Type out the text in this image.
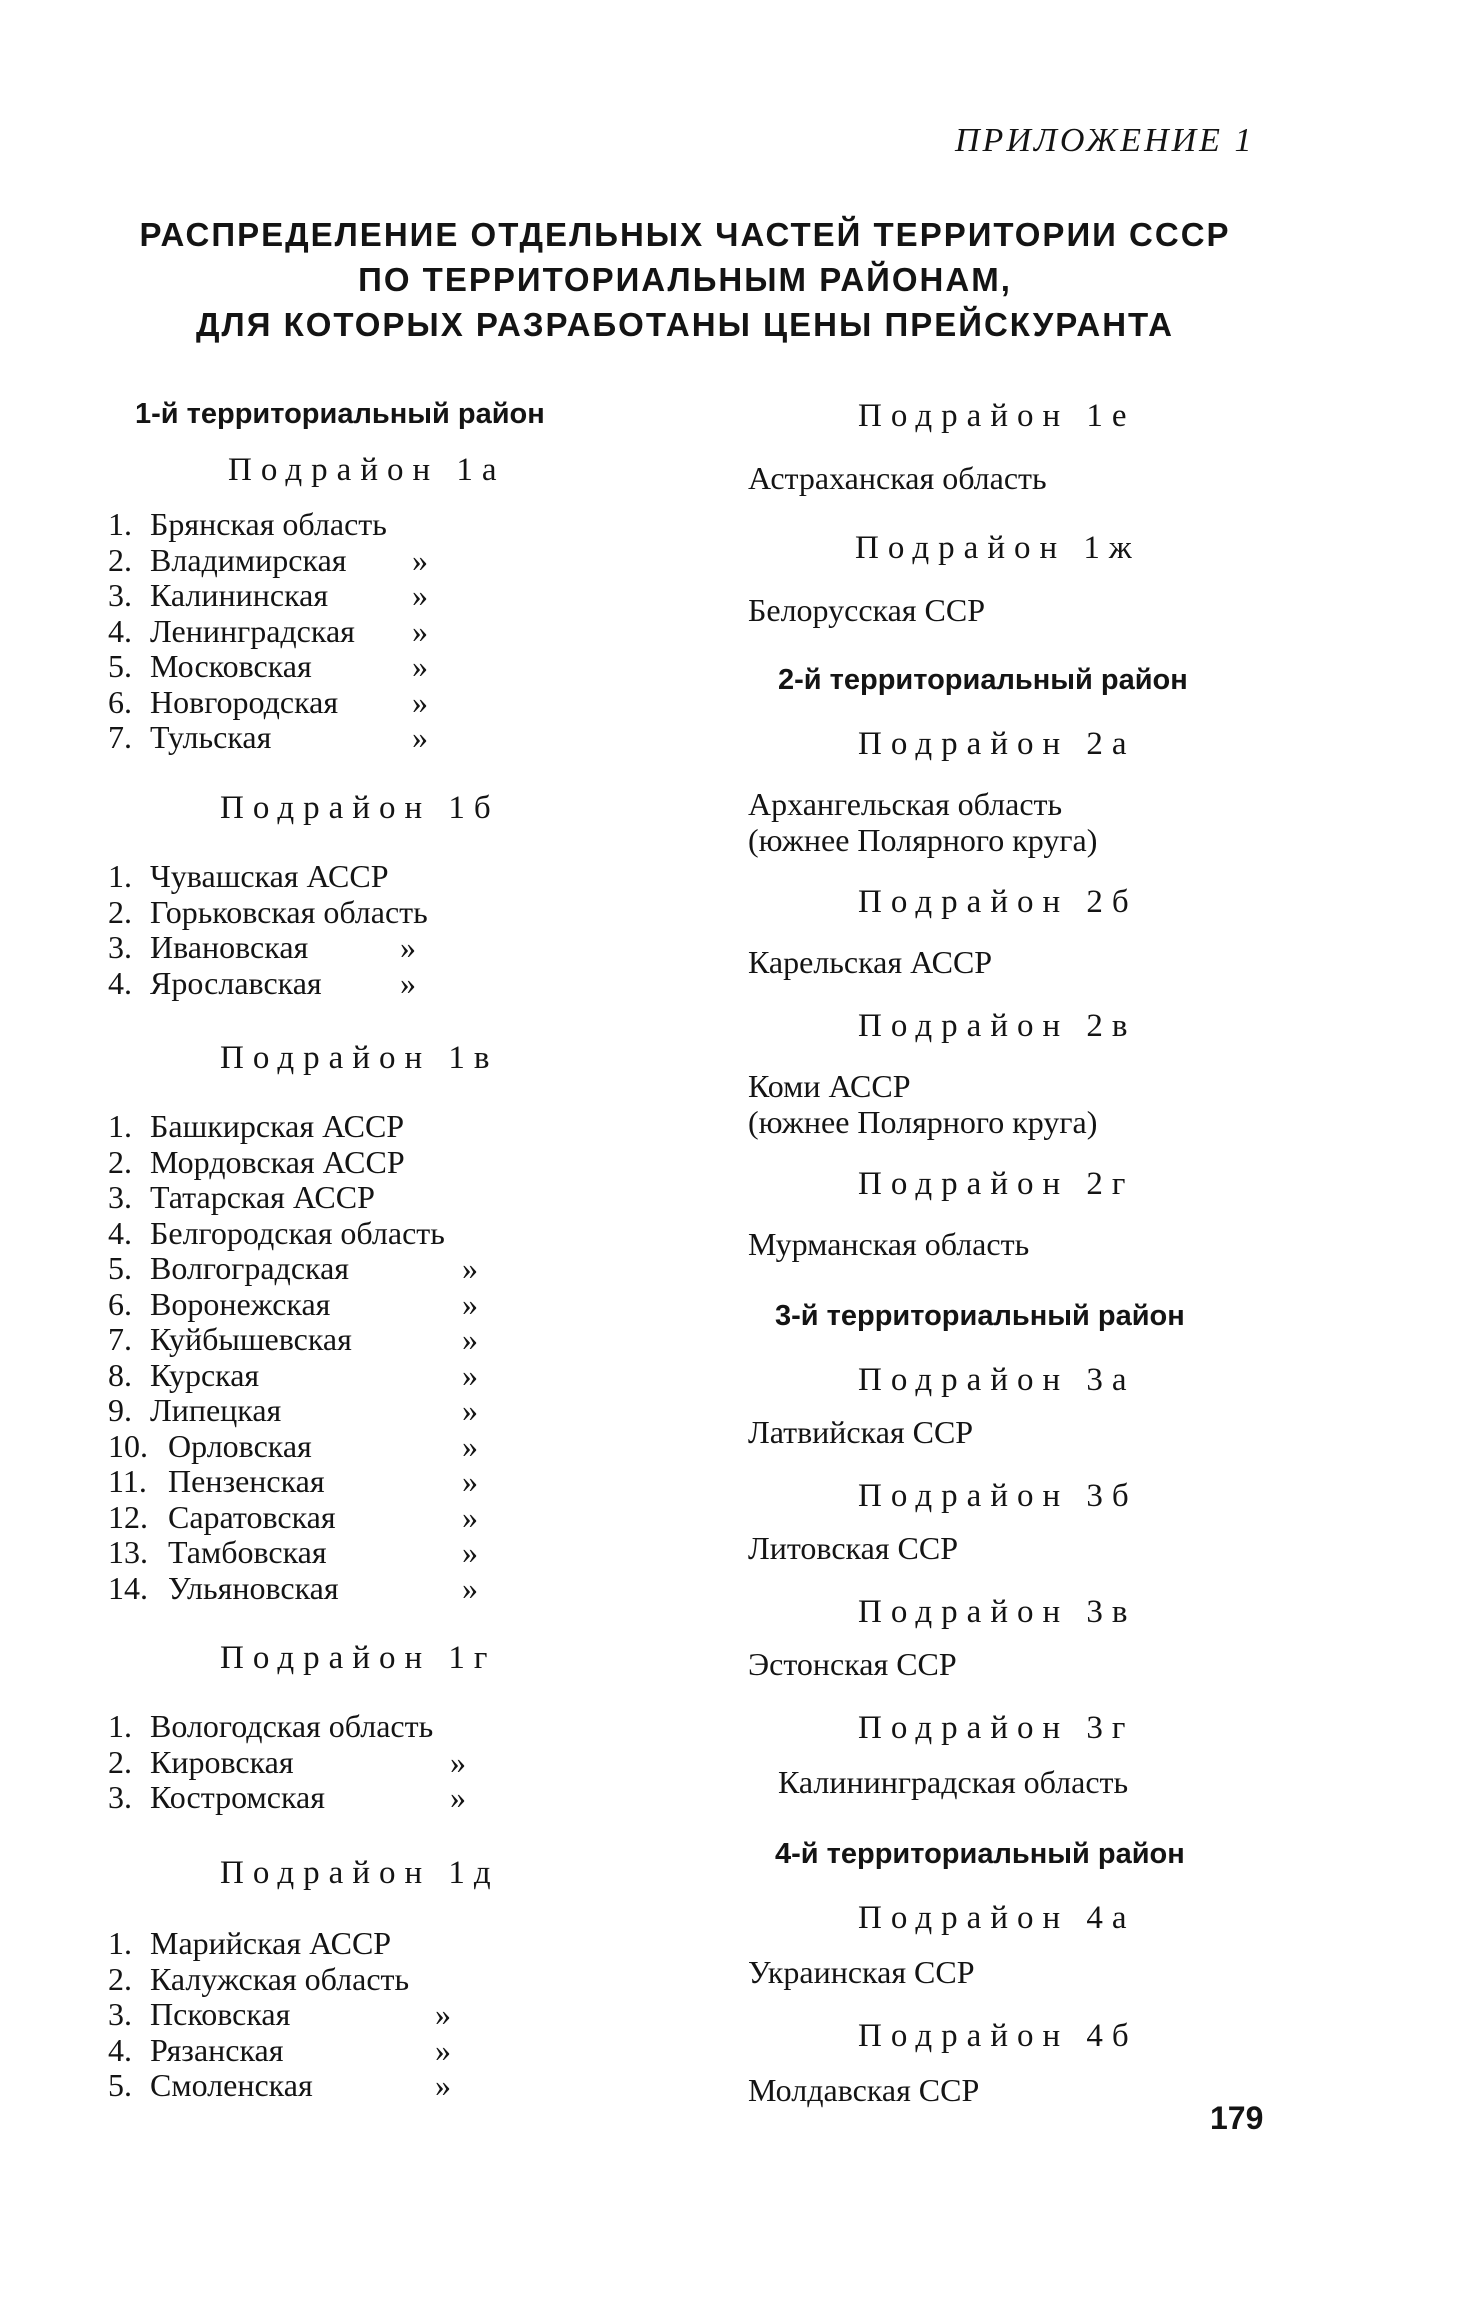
ПРИЛОЖЕНИЕ 1
РАСПРЕДЕЛЕНИЕ ОТДЕЛЬНЫХ ЧАСТЕЙ ТЕРРИТОРИИ СССР
ПО ТЕРРИТОРИАЛЬНЫМ РАЙОНАМ,
ДЛЯ КОТОРЫХ РАЗРАБОТАНЫ ЦЕНЫ ПРЕЙСКУРАНТА
1-й территориальный район
Подрайон 1а
Подрайон 1б
Подрайон 1в
Подрайон 1г
Подрайон 1д
Подрайон 1е
Астраханская область
Подрайон 1ж
Белорусская ССР
2-й территориальный район
Подрайон 2а
Архангельская область
(южнее Полярного круга)
Подрайон 2б
Карельская АССР
Подрайон 2в
Коми АССР
(южнее Полярного круга)
Подрайон 2г
Мурманская область
3-й территориальный район
Подрайон 3а
Латвийская ССР
Подрайон 3б
Литовская ССР
Подрайон 3в
Эстонская ССР
Подрайон 3г
Калининградская область
4-й территориальный район
Подрайон 4а
Украинская ССР
Подрайон 4б
Молдавская ССР
179
1. Брянская область
2. Владимирская »
3. Калининская	»
4. Ленинградская »
5. Московская	»
6. Новгородская »
7. Тульская	»
1. Чувашская АССР
2. Горьковская область
3. Ивановская	»
4. Ярославская »
1. Башкирская АССР
2. Мордовская АССР
3. Татарская АССР
4. Белгородская область
5. Волгоградская	»
6. Воронежская	»
7. Куйбышевская	»
8. Курская	»
9. Липецкая	»
10. Орловская	»
11. Пензенская	»
12. Саратовская	»
13. Тамбовская	»
14. Ульяновская	»
1. Вологодская область
2. Кировская	»
3. Костромская	»
1. Марийская АССР
2. Калужская область
3. Псковская	»
4. Рязанская	»
5. Смоленская	»
